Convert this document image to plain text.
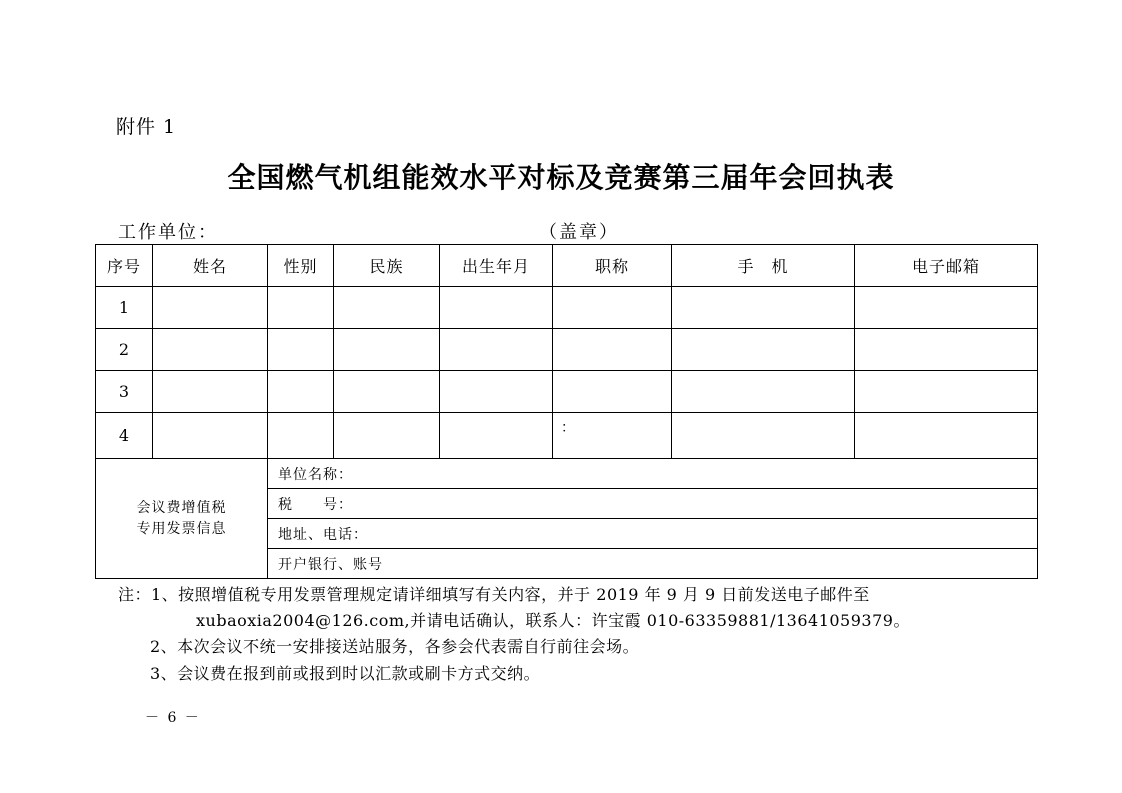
附件 1
全国燃气机组能效水平对标及竞赛第三届年会回执表
工作单位：	（盖章）
序号	姓名	性别	民族	出生年月	职称	手　机	电子邮箱
1							
2							
3							
4					：		
会议费增值税
专用发票信息		单位名称：					
		税　　号：					
		地址、电话：					
		开户银行、账号					
注：1、按照增值税专用发票管理规定请详细填写有关内容，并于 2019 年 9 月 9 日前发送电子邮件至
xubaoxia2004@126.com,并请电话确认，联系人：许宝霞 010-63359881/13641059379。
2、本次会议不统一安排接送站服务，各参会代表需自行前往会场。
3、会议费在报到前或报到时以汇款或刷卡方式交纳。
－ 6 －
